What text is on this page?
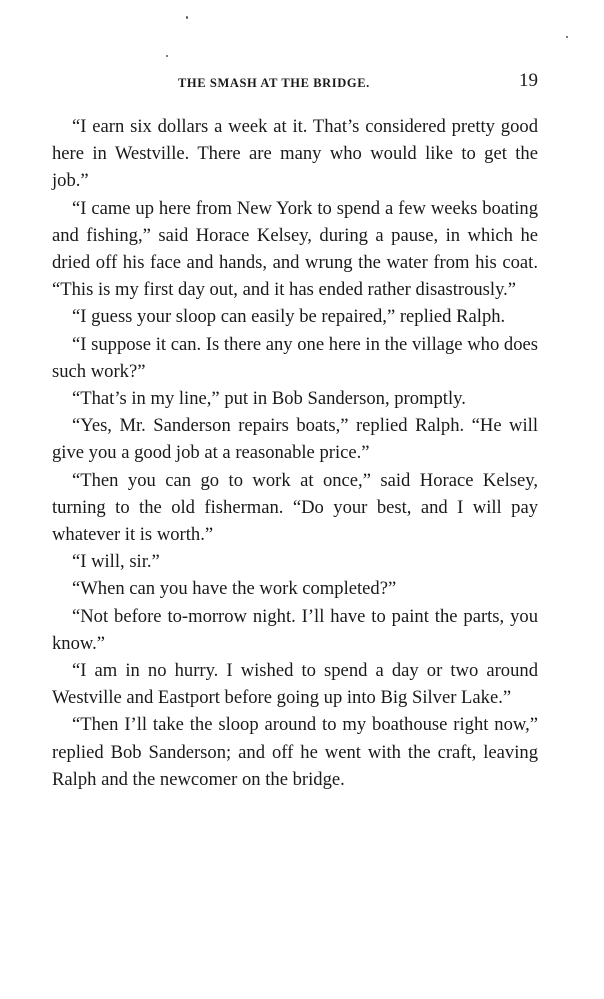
THE SMASH AT THE BRIDGE.	19

“I earn six dollars a week at it. That’s considered pretty good here in Westville. There are many who would like to get the job.”

“I came up here from New York to spend a few weeks boating and fishing,” said Horace Kelsey, during a pause, in which he dried off his face and hands, and wrung the water from his coat. “This is my first day out, and it has ended rather disastrously.”

“I guess your sloop can easily be repaired,” replied Ralph.

“I suppose it can. Is there any one here in the village who does such work?”

“That’s in my line,” put in Bob Sanderson, promptly.

“Yes, Mr. Sanderson repairs boats,” replied Ralph. “He will give you a good job at a reasonable price.”

“Then you can go to work at once,” said Horace Kelsey, turning to the old fisherman. “Do your best, and I will pay whatever it is worth.”

“I will, sir.”

“When can you have the work completed?”

“Not before to-morrow night. I’ll have to paint the parts, you know.”

“I am in no hurry. I wished to spend a day or two around Westville and Eastport before going up into Big Silver Lake.”

“Then I’ll take the sloop around to my boathouse right now,” replied Bob Sanderson; and off he went with the craft, leaving Ralph and the newcomer on the bridge.
